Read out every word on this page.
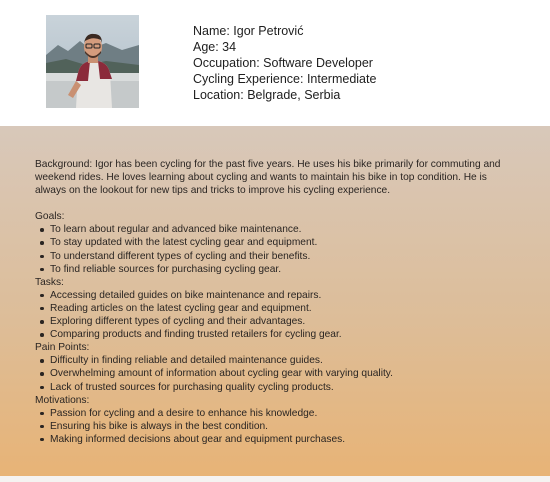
Name: Igor Petrović
Age: 34
Occupation: Software Developer
Cycling Experience: Intermediate
Location: Belgrade, Serbia

Background: Igor has been cycling for the past five years. He uses his bike primarily for commuting and weekend rides. He loves learning about cycling and wants to maintain his bike in top condition. He is always on the lookout for new tips and tricks to improve his cycling experience.

Goals:
To learn about regular and advanced bike maintenance.
To stay updated with the latest cycling gear and equipment.
To understand different types of cycling and their benefits.
To find reliable sources for purchasing cycling gear.
Tasks:
Accessing detailed guides on bike maintenance and repairs.
Reading articles on the latest cycling gear and equipment.
Exploring different types of cycling and their advantages.
Comparing products and finding trusted retailers for cycling gear.
Pain Points:
Difficulty in finding reliable and detailed maintenance guides.
Overwhelming amount of information about cycling gear with varying quality.
Lack of trusted sources for purchasing quality cycling products.
Motivations:
Passion for cycling and a desire to enhance his knowledge.
Ensuring his bike is always in the best condition.
Making informed decisions about gear and equipment purchases.
